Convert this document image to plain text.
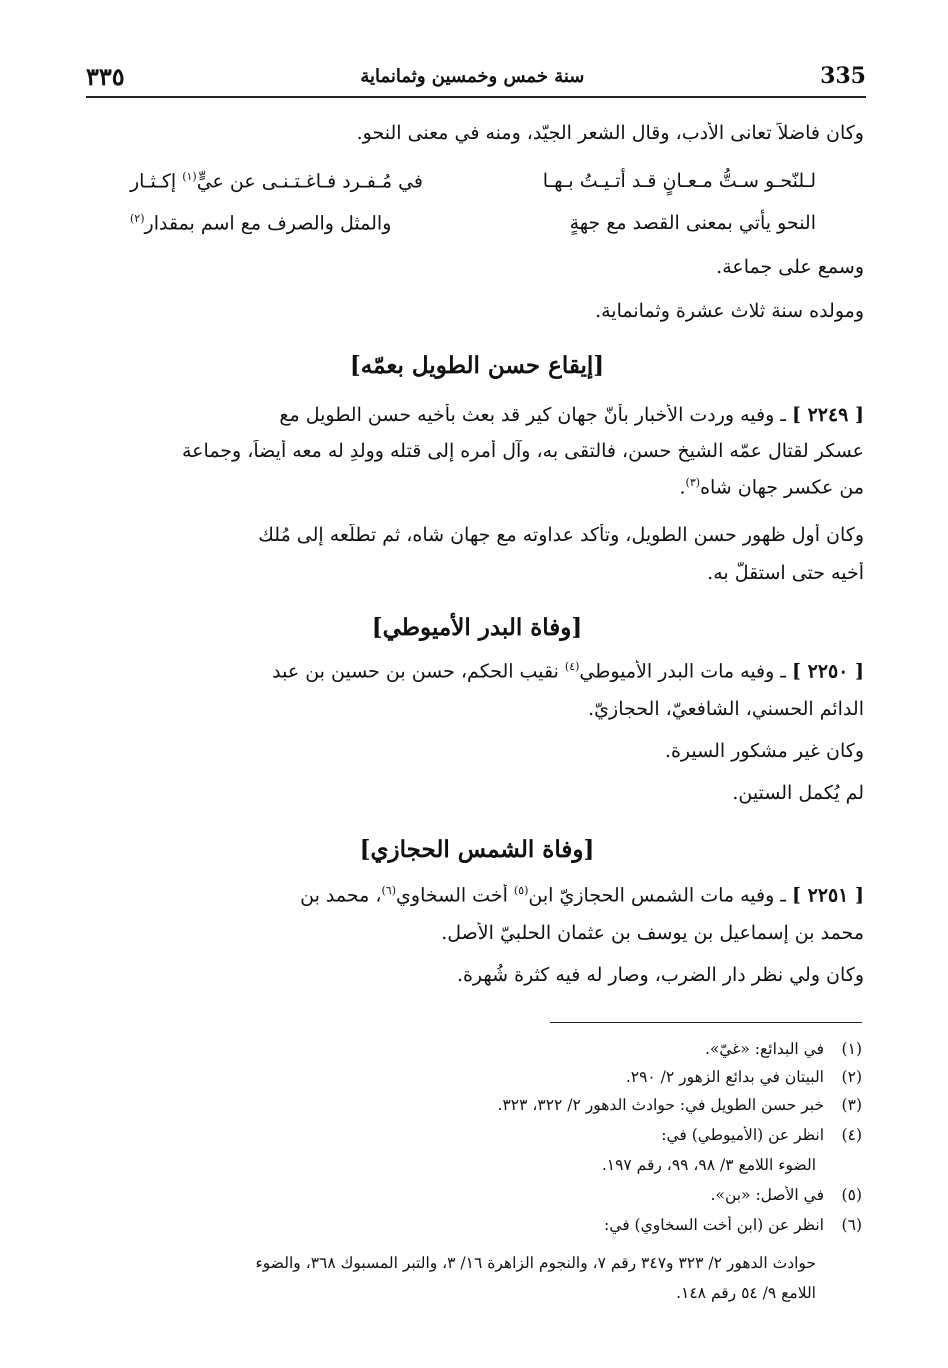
٣٣٥	سنة خمس وخمسين وثمانماية	335
وكان فاضلاً تعانى الأدب، وقال الشعر الجيّد، ومنه في معنى النحو.
لـلنّحـو سـتُّ مـعـانٍ قـد أتـيـتُ بـهـا
في مُـفـرد فـاغـتـنـى عن عيٍّ$^{(١)}$ إكـثـار
النحو يأتي بمعنى القصد مع جهةٍ
والمثل والصرف مع اسم بمقدار$^{(٢)}$
وسمع على جماعة.
ومولده سنة ثلاث عشرة وثمانماية.
[إيقاع حسن الطويل بعمّه]
[ ٢٢٤٩ ] ـ وفيه وردت الأخبار بأنّ جهان كير قد بعث بأخيه حسن الطويل مع
عسكر لقتال عمّه الشيخ حسن، فالتقى به، وآل أمره إلى قتله وولدِ له معه أيضاً، وجماعة
من عكسر جهان شاه$^{(٣)}$.
وكان أول ظهور حسن الطويل، وتأكد عداوته مع جهان شاه، ثم تطلُّعه إلى مُلك
أخيه حتى استقلّ به.
[وفاة البدر الأميوطي]
[ ٢٢٥٠ ] ـ وفيه مات البدر الأميوطي$^{(٤)}$ نقيب الحكم، حسن بن حسين بن عبد
الدائم الحسني، الشافعيّ، الحجازيّ.
وكان غير مشكور السيرة.
لم يُكمل الستين.
[وفاة الشمس الحجازي]
[ ٢٢٥١ ] ـ وفيه مات الشمس الحجازيّ ابن$^{(٥)}$ أخت السخاوي$^{(٦)}$، محمد بن
محمد بن إسماعيل بن يوسف بن عثمان الحلبيّ الأصل.
وكان ولي نظر دار الضرب، وصار له فيه كثرة شُهرة.
(١)في البدائع: «غيّ».
(٢)البيتان في بدائع الزهور ٢/ ٢٩٠.
(٣)خبر حسن الطويل في: حوادث الدهور ٢/ ٣٢٢، ٣٢٣.
(٤)انظر عن (الأميوطي) في:
الضوء اللامع ٣/ ٩٨، ٩٩، رقم ١٩٧.
(٥)في الأصل: «بن».
(٦)انظر عن (ابن أخت السخاوي) في:
حوادث الدهور ٢/ ٣٢٣ و٣٤٧ رقم ٧، والنجوم الزاهرة ١٦/ ٣، والتبر المسبوك ٣٦٨، والضوء
اللامع ٩/ ٥٤ رقم ١٤٨.
